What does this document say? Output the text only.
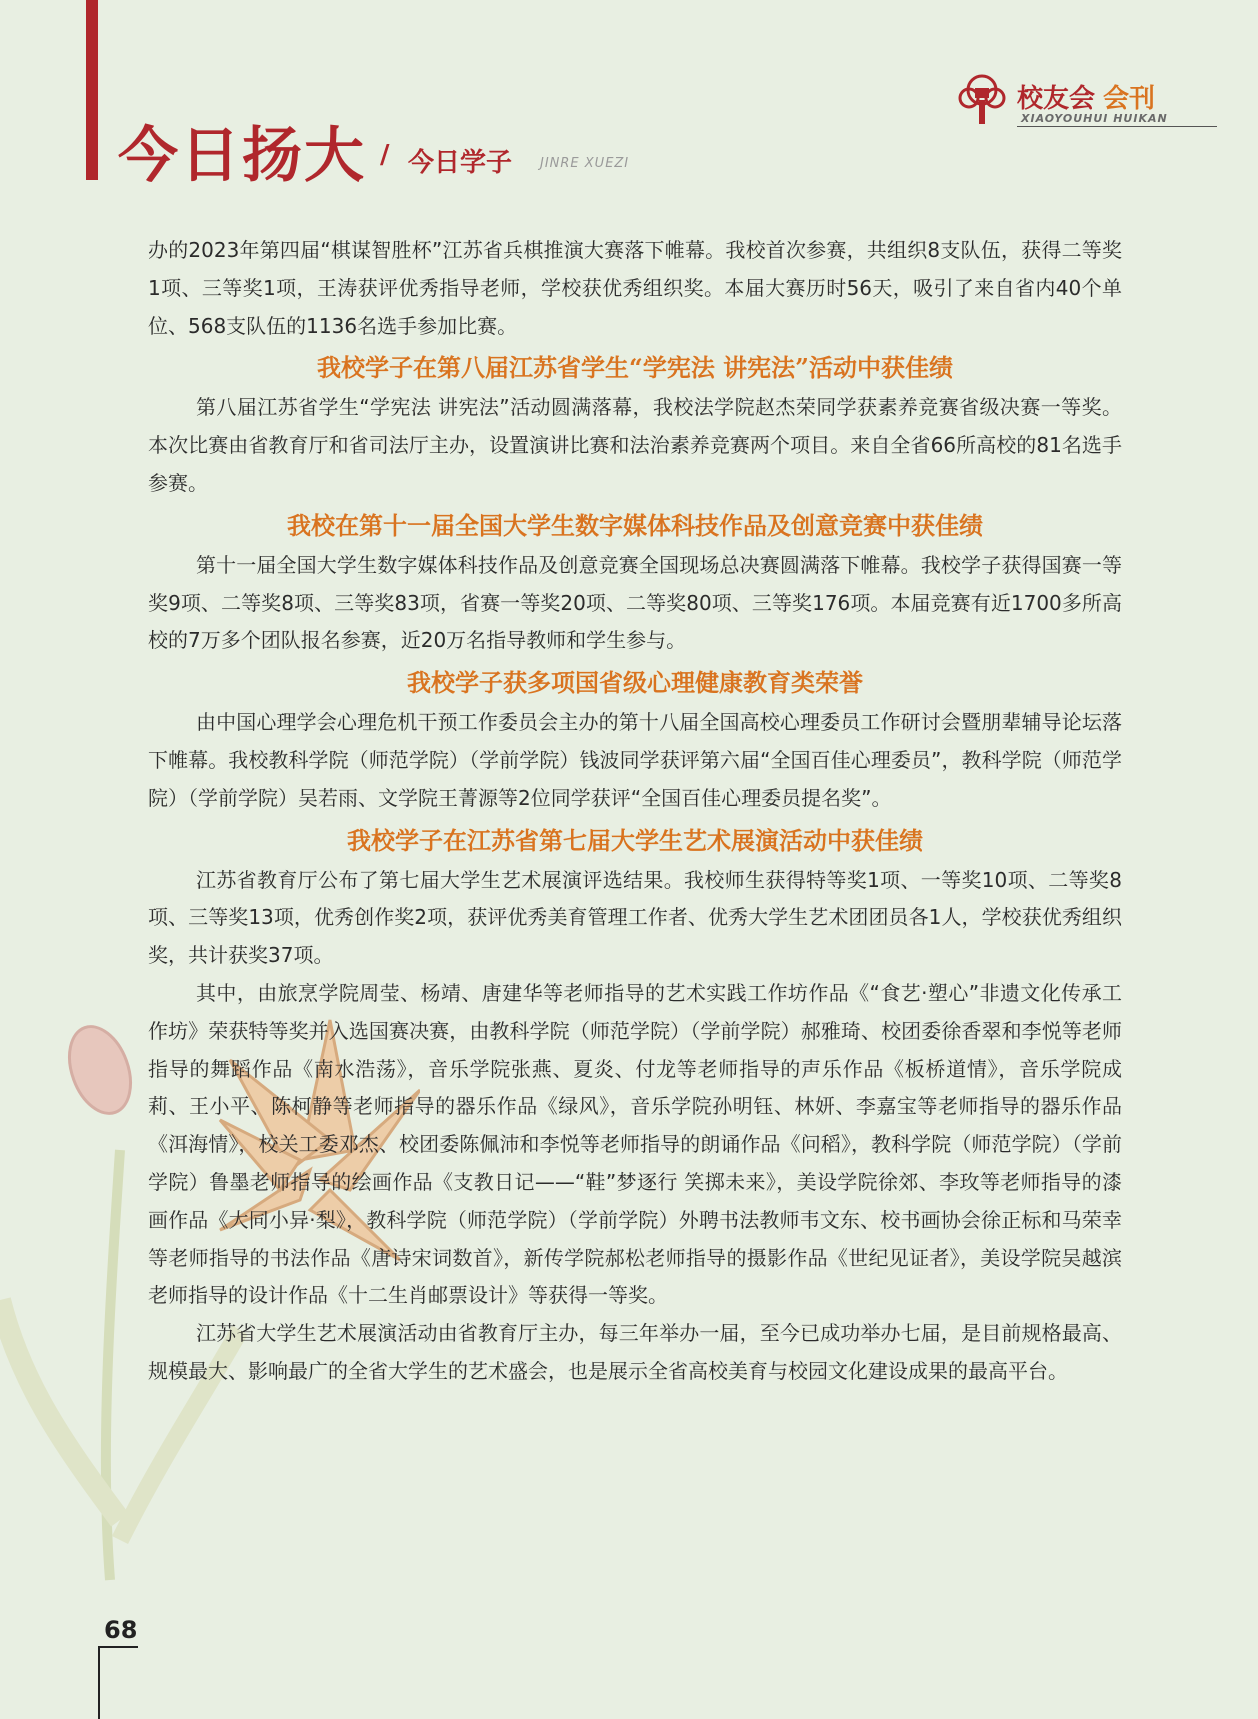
今日扬大 / 今日学子 JINRE XUEZI
校友会 会刊
XIAOYOUHUI HUIKAN

办的2023年第四届“棋谋智胜杯”江苏省兵棋推演大赛落下帷幕。我校首次参赛，共组织8支队伍，获得二等奖1项、三等奖1项，王涛获评优秀指导老师，学校获优秀组织奖。本届大赛历时56天，吸引了来自省内40个单位、568支队伍的1136名选手参加比赛。

我校学子在第八届江苏省学生“学宪法 讲宪法”活动中获佳绩

第八届江苏省学生“学宪法 讲宪法”活动圆满落幕，我校法学院赵杰荣同学获素养竞赛省级决赛一等奖。本次比赛由省教育厅和省司法厅主办，设置演讲比赛和法治素养竞赛两个项目。来自全省66所高校的81名选手参赛。

我校在第十一届全国大学生数字媒体科技作品及创意竞赛中获佳绩

第十一届全国大学生数字媒体科技作品及创意竞赛全国现场总决赛圆满落下帷幕。我校学子获得国赛一等奖9项、二等奖8项、三等奖83项，省赛一等奖20项、二等奖80项、三等奖176项。本届竞赛有近1700多所高校的7万多个团队报名参赛，近20万名指导教师和学生参与。

我校学子获多项国省级心理健康教育类荣誉

由中国心理学会心理危机干预工作委员会主办的第十八届全国高校心理委员工作研讨会暨朋辈辅导论坛落下帷幕。我校教科学院（师范学院）（学前学院）钱波同学获评第六届“全国百佳心理委员”，教科学院（师范学院）（学前学院）吴若雨、文学院王菁源等2位同学获评“全国百佳心理委员提名奖”。

我校学子在江苏省第七届大学生艺术展演活动中获佳绩

江苏省教育厅公布了第七届大学生艺术展演评选结果。我校师生获得特等奖1项、一等奖10项、二等奖8项、三等奖13项，优秀创作奖2项，获评优秀美育管理工作者、优秀大学生艺术团团员各1人，学校获优秀组织奖，共计获奖37项。

其中，由旅烹学院周莹、杨靖、唐建华等老师指导的艺术实践工作坊作品《“食艺·塑心”非遗文化传承工作坊》荣获特等奖并入选国赛决赛，由教科学院（师范学院）（学前学院）郝雅琦、校团委徐香翠和李悦等老师指导的舞蹈作品《南水浩荡》，音乐学院张燕、夏炎、付龙等老师指导的声乐作品《板桥道情》，音乐学院成莉、王小平、陈柯静等老师指导的器乐作品《绿风》，音乐学院孙明钰、林妍、李嘉宝等老师指导的器乐作品《洱海情》，校关工委邓杰、校团委陈佩沛和李悦等老师指导的朗诵作品《问稻》，教科学院（师范学院）（学前学院）鲁墨老师指导的绘画作品《支教日记——“鞋”梦逐行 笑掷未来》，美设学院徐郊、李玫等老师指导的漆画作品《大同小异·梨》，教科学院（师范学院）（学前学院）外聘书法教师韦文东、校书画协会徐正标和马荣幸等老师指导的书法作品《唐诗宋词数首》，新传学院郝松老师指导的摄影作品《世纪见证者》，美设学院吴越滨老师指导的设计作品《十二生肖邮票设计》等获得一等奖。

江苏省大学生艺术展演活动由省教育厅主办，每三年举办一届，至今已成功举办七届，是目前规格最高、规模最大、影响最广的全省大学生的艺术盛会，也是展示全省高校美育与校园文化建设成果的最高平台。

68
